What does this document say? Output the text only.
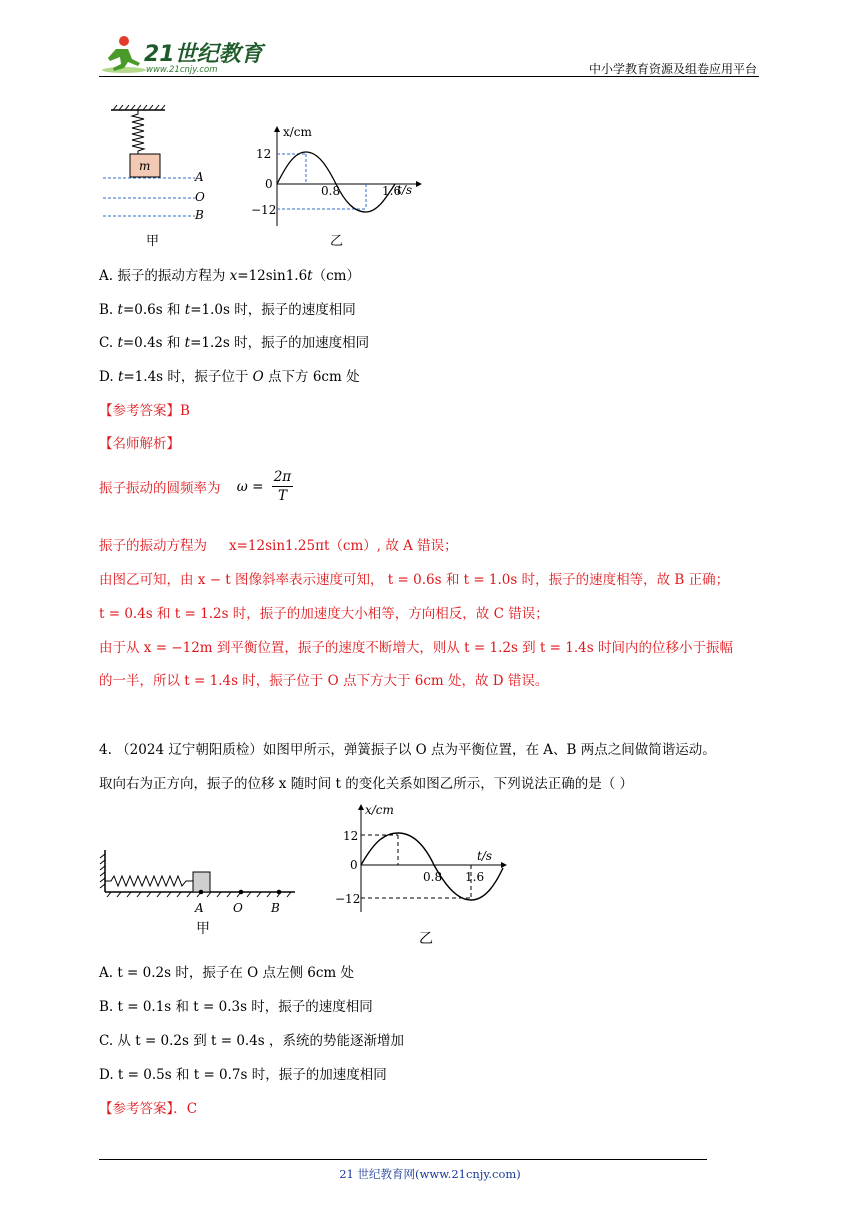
21世纪教育
www.21cnjy.com	中小学教育资源及组卷应用平台
m
A
O
B
甲
x/cm
t/s
12
0
−12
0.8	1.6
乙
A. 振子的振动方程为 x=12sin1.6t（cm）
B. t=0.6s 和 t=1.0s 时，振子的速度相同
C. t=0.4s 和 t=1.2s 时，振子的加速度相同
D. t=1.4s 时，振子位于 O 点下方 6cm 处
【参考答案】B
【名师解析】
振子振动的圆频率为 $\omega = \frac{2\pi}{T}$
振子的振动方程为 x=12sin1.25πt（cm）, 故 A 错误；
由图乙可知，由 x − t 图像斜率表示速度可知， t = 0.6s 和 t = 1.0s 时，振子的速度相等，故 B 正确；
t = 0.4s 和 t = 1.2s 时，振子的加速度大小相等，方向相反，故 C 错误；
由于从 x = −12m 到平衡位置，振子的速度不断增大，则从 t = 1.2s 到 t = 1.4s 时间内的位移小于振幅
的一半，所以 t = 1.4s 时，振子位于 O 点下方大于 6cm 处，故 D 错误。
4. （2024 辽宁朝阳质检）如图甲所示，弹簧振子以 O 点为平衡位置，在 A、B 两点之间做简谐运动。
取向右为正方向，振子的位移 x 随时间 t 的变化关系如图乙所示，下列说法正确的是（ ）
A O B
甲
x/cm
t/s
12
0
−12
0.8 1.6
乙
A. t = 0.2s 时，振子在 O 点左侧 6cm 处
B. t = 0.1s 和 t = 0.3s 时，振子的速度相同
C. 从 t = 0.2s 到 t = 0.4s ，系统的势能逐渐增加
D. t = 0.5s 和 t = 0.7s 时，振子的加速度相同
【参考答案】．C
21 世纪教育网(www.21cnjy.com)
